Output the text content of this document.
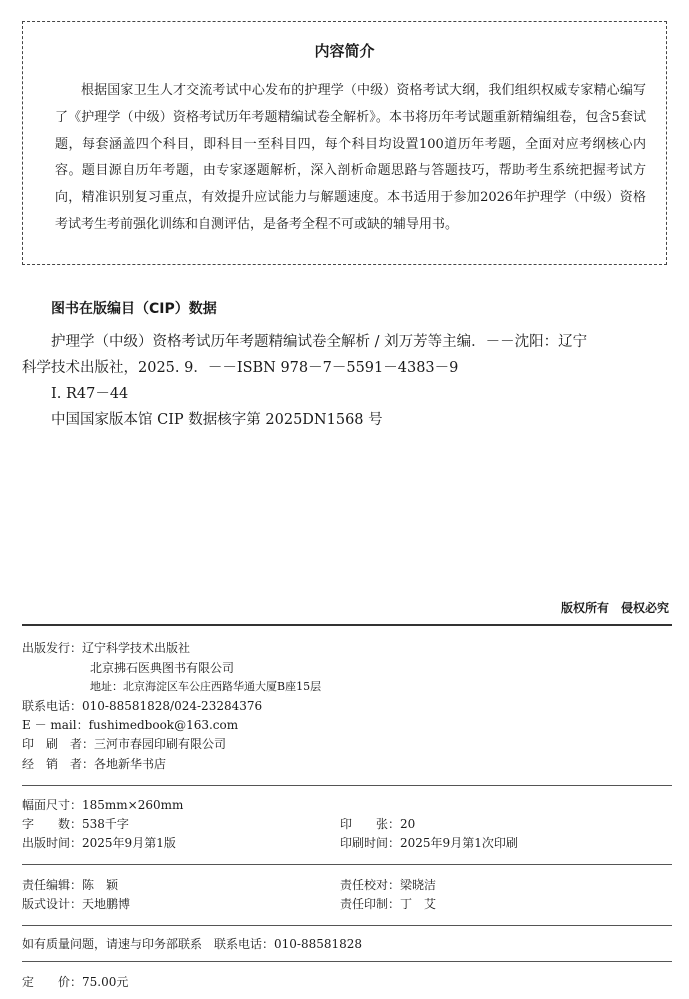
内容简介

根据国家卫生人才交流考试中心发布的护理学（中级）资格考试大纲，我们组织权威专家精心编写了《护理学（中级）资格考试历年考题精编试卷全解析》。本书将历年考试题重新精编组卷，包含5套试题，每套涵盖四个科目，即科目一至科目四，每个科目均设置100道历年考题，全面对应考纲核心内容。题目源自历年考题，由专家逐题解析，深入剖析命题思路与答题技巧，帮助考生系统把握考试方向，精准识别复习重点，有效提升应试能力与解题速度。本书适用于参加2026年护理学（中级）资格考试考生考前强化训练和自测评估，是备考全程不可或缺的辅导用书。

图书在版编目（CIP）数据
护理学（中级）资格考试历年考题精编试卷全解析 / 刘万芳等主编．－－沈阳：辽宁
科学技术出版社，2025. 9．－－ISBN 978－7－5591－4383－9
Ⅰ. R47－44
中国国家版本馆 CIP 数据核字第 2025DN1568 号
版权所有　侵权必究
出版发行：辽宁科学技术出版社
北京拂石医典图书有限公司
地址：北京海淀区车公庄西路华通大厦B座15层
联系电话：010-88581828/024-23284376
E － mail：fushimedbook@163.com
印　刷　者：三河市春园印刷有限公司
经　销　者：各地新华书店
幅面尺寸：185mm×260mm
字　　数：538千字	印　　张：20
出版时间：2025年9月第1版	印刷时间：2025年9月第1次印刷
责任编辑：陈　颖	责任校对：梁晓洁
版式设计：天地鹏博	责任印制：丁　艾
如有质量问题，请速与印务部联系　联系电话：010-88581828
定　　价：75.00元
